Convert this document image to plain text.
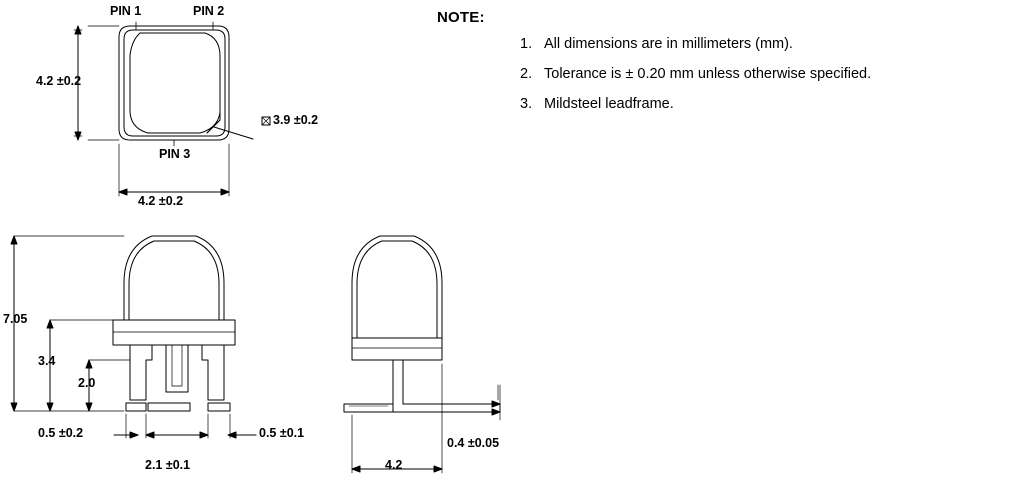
NOTE:
1. All dimensions are in millimeters (mm).
2. Tolerance is ± 0.20 mm unless otherwise specified.
3. Mildsteel leadframe.
PIN 1	PIN 2
PIN 3
4.2 ±0.2
4.2 ±0.2
3.9 ±0.2
7.05
3.4
2.0
0.5 ±0.2	0.5 ±0.1
2.1 ±0.1
0.4 ±0.05
4.2
